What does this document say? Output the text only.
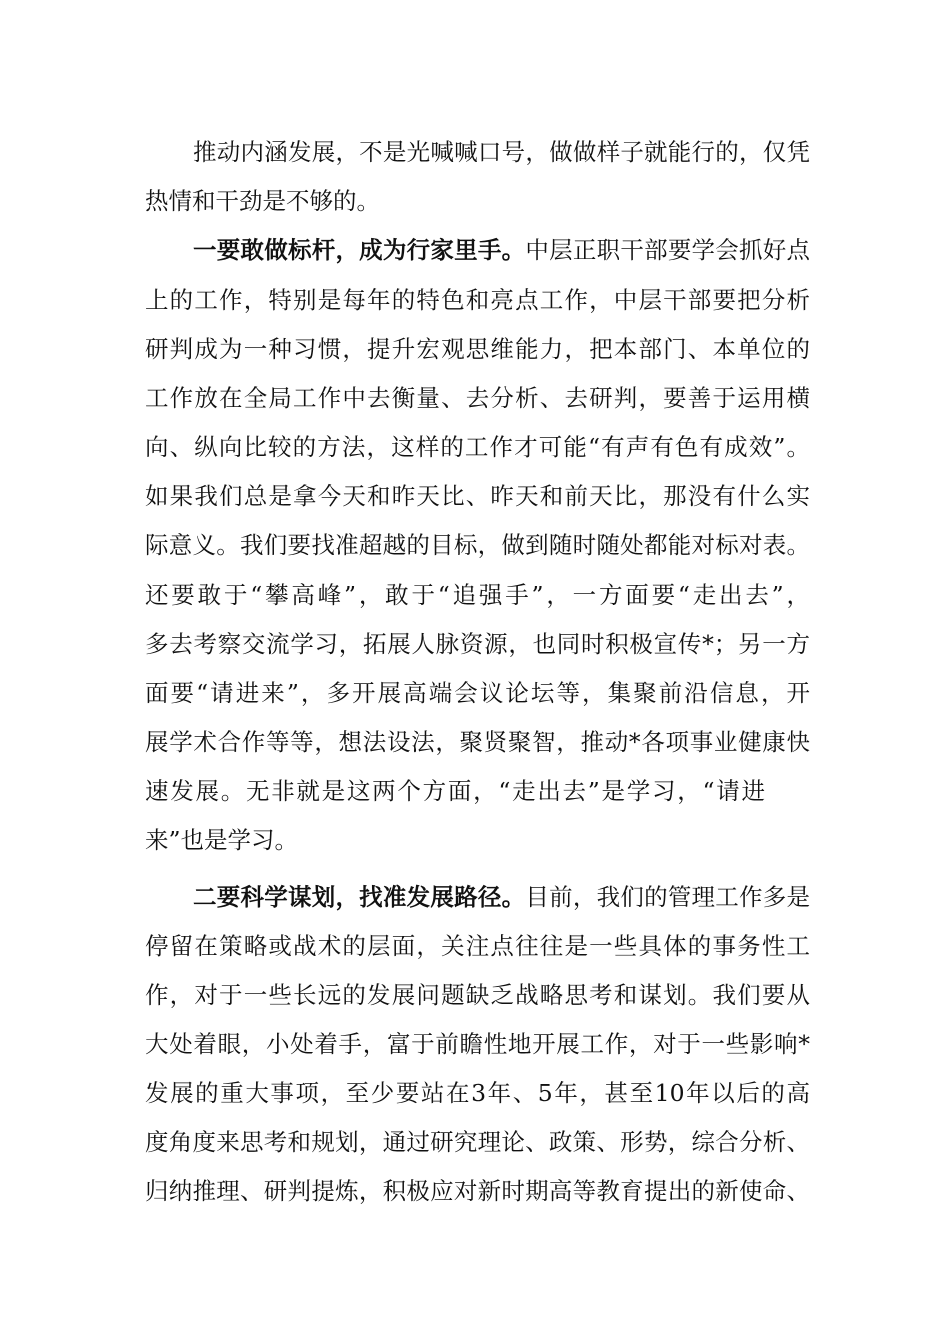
推动内涵发展，不是光喊喊口号，做做样子就能行的，仅凭
热情和干劲是不够的。
一要敢做标杆，成为行家里手。中层正职干部要学会抓好点
上的工作，特别是每年的特色和亮点工作，中层干部要把分析
研判成为一种习惯，提升宏观思维能力，把本部门、本单位的
工作放在全局工作中去衡量、去分析、去研判，要善于运用横
向、纵向比较的方法，这样的工作才可能“有声有色有成效”。
如果我们总是拿今天和昨天比、昨天和前天比，那没有什么实
际意义。我们要找准超越的目标，做到随时随处都能对标对表。
还要敢于“攀高峰”，敢于“追强手”，一方面要“走出去”，
多去考察交流学习，拓展人脉资源，也同时积极宣传*；另一方
面要“请进来”，多开展高端会议论坛等，集聚前沿信息，开
展学术合作等等，想法设法，聚贤聚智，推动*各项事业健康快
速发展。无非就是这两个方面，“走出去”是学习，“请进
来”也是学习。
二要科学谋划，找准发展路径。目前，我们的管理工作多是
停留在策略或战术的层面，关注点往往是一些具体的事务性工
作，对于一些长远的发展问题缺乏战略思考和谋划。我们要从
大处着眼，小处着手，富于前瞻性地开展工作，对于一些影响*
发展的重大事项，至少要站在3年、5年，甚至10年以后的高
度角度来思考和规划，通过研究理论、政策、形势，综合分析、
归纳推理、研判提炼，积极应对新时期高等教育提出的新使命、
